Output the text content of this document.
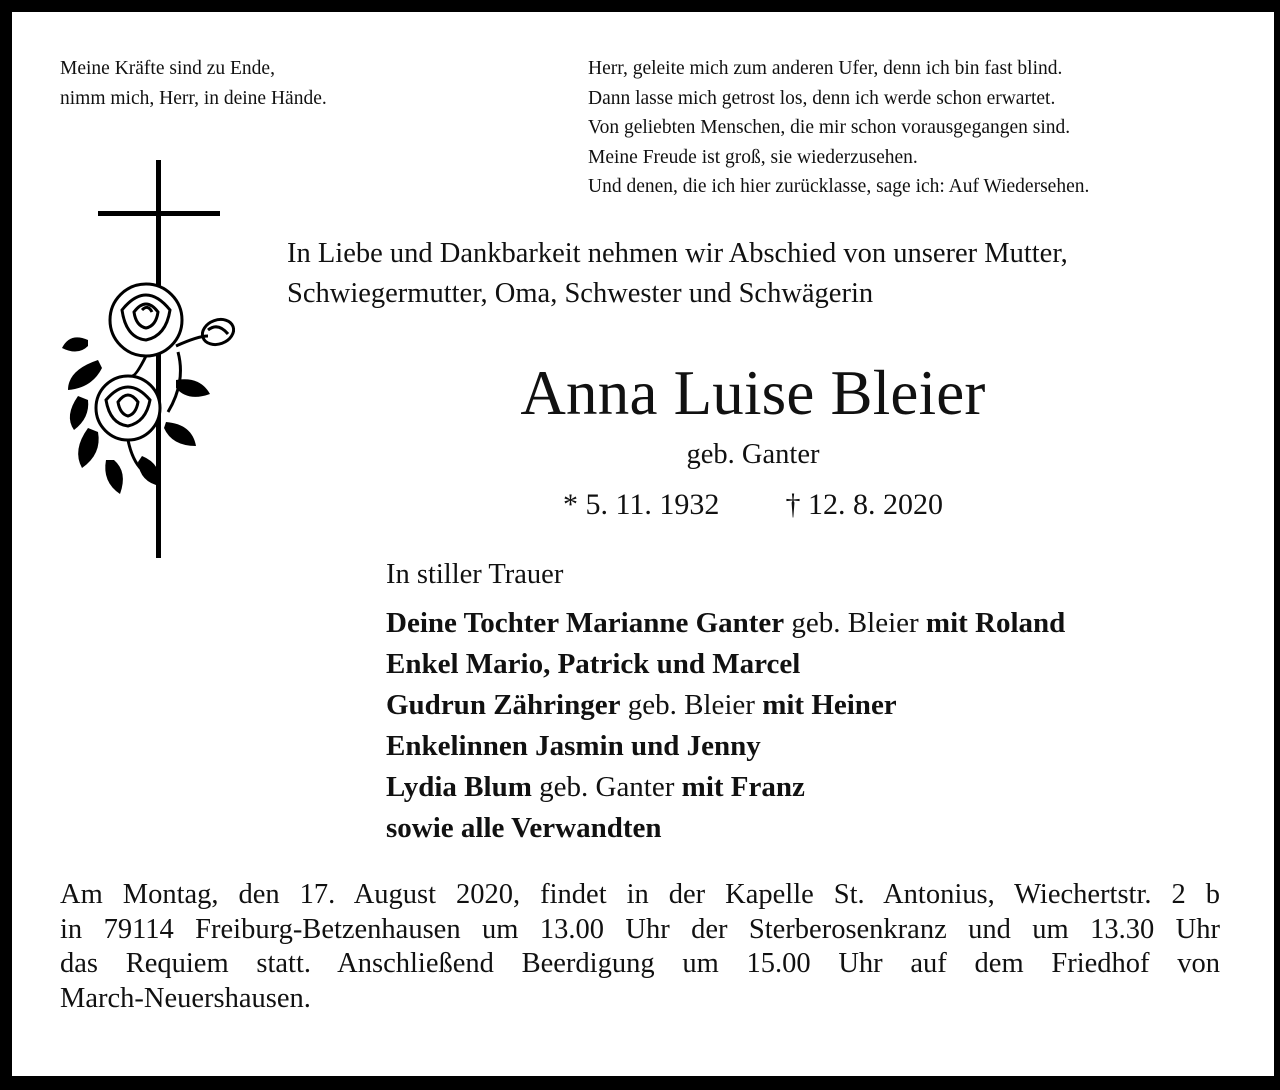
Meine Kräfte sind zu Ende,
nimm mich, Herr, in deine Hände.
Herr, geleite mich zum anderen Ufer, denn ich bin fast blind.
Dann lasse mich getrost los, denn ich werde schon erwartet.
Von geliebten Menschen, die mir schon vorausgegangen sind.
Meine Freude ist groß, sie wiederzusehen.
Und denen, die ich hier zurücklasse, sage ich: Auf Wiedersehen.
In Liebe und Dankbarkeit nehmen wir Abschied von unserer Mutter,
Schwiegermutter, Oma, Schwester und Schwägerin
Anna Luise Bleier
geb. Ganter
* 5. 11. 1932 † 12. 8. 2020
In stiller Trauer
Deine Tochter Marianne Ganter geb. Bleier mit Roland
Enkel Mario, Patrick und Marcel
Gudrun Zähringer geb. Bleier mit Heiner
Enkelinnen Jasmin und Jenny
Lydia Blum geb. Ganter mit Franz
sowie alle Verwandten
Am Montag, den 17. August 2020, findet in der Kapelle St. Antonius, Wiechertstr. 2 b
in 79114 Freiburg-Betzenhausen um 13.00 Uhr der Sterberosenkranz und um 13.30 Uhr
das Requiem statt. Anschließend Beerdigung um 15.00 Uhr auf dem Friedhof von
March-Neuershausen.
